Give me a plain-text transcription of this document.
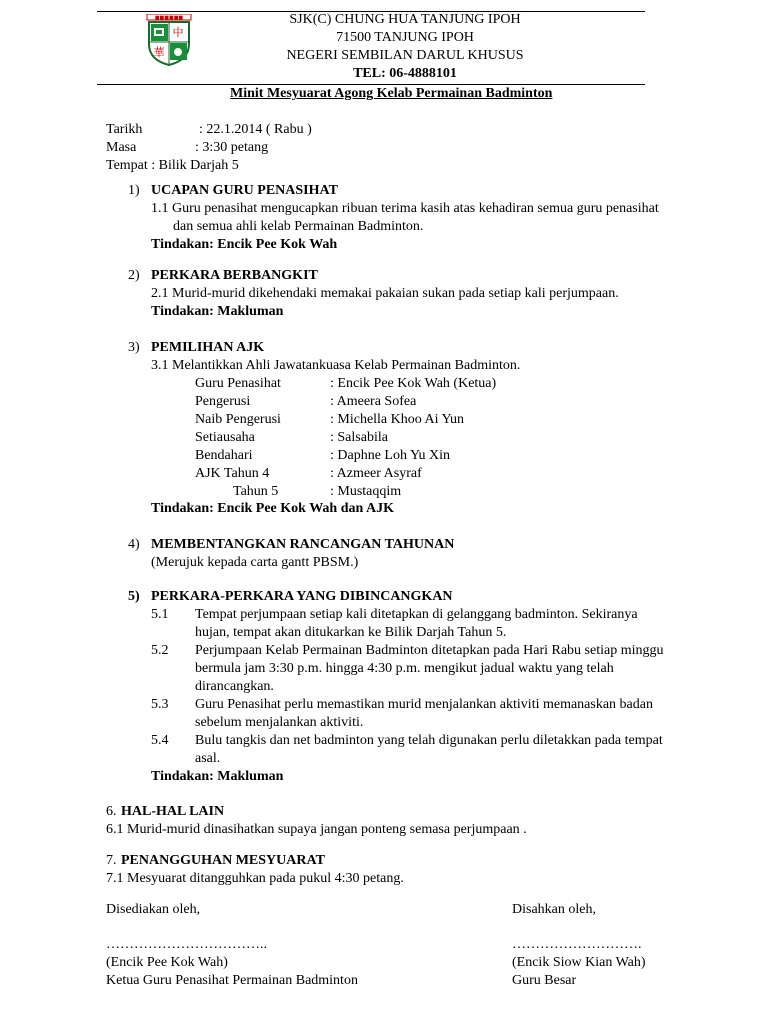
■■■■■■
中
華
SJK(C) CHUNG HUA TANJUNG IPOH
71500 TANJUNG IPOH
NEGERI SEMBILAN DARUL KHUSUS
TEL: 06-4888101
Minit Mesyuarat Agong Kelab Permainan Badminton
Tarikh	: 22.1.2014 ( Rabu )
Masa	: 3:30 petang
Tempat : Bilik Darjah 5
1) UCAPAN GURU PENASIHAT
1.1 Guru penasihat mengucapkan ribuan terima kasih atas kehadiran semua guru penasihat
dan semua ahli kelab Permainan Badminton.
Tindakan: Encik Pee Kok Wah
2) PERKARA BERBANGKIT
2.1 Murid-murid dikehendaki memakai pakaian sukan pada setiap kali perjumpaan.
Tindakan: Makluman
3) PEMILIHAN AJK
3.1 Melantikkan Ahli Jawatankuasa Kelab Permainan Badminton.
Guru Penasihat	: Encik Pee Kok Wah (Ketua)
Pengerusi	: Ameera Sofea
Naib Pengerusi	: Michella Khoo Ai Yun
Setiausaha	: Salsabila
Bendahari	: Daphne Loh Yu Xin
AJK Tahun 4	: Azmeer Asyraf
Tahun 5	: Mustaqqim
Tindakan: Encik Pee Kok Wah dan AJK
4) MEMBENTANGKAN RANCANGAN TAHUNAN
(Merujuk kepada carta gantt PBSM.)
5) PERKARA-PERKARA YANG DIBINCANGKAN
5.1 Tempat perjumpaan setiap kali ditetapkan di gelanggang badminton. Sekiranya
hujan, tempat akan ditukarkan ke Bilik Darjah Tahun 5.
5.2 Perjumpaan Kelab Permainan Badminton ditetapkan pada Hari Rabu setiap minggu
bermula jam 3:30 p.m. hingga 4:30 p.m. mengikut jadual waktu yang telah
dirancangkan.
5.3 Guru Penasihat perlu memastikan murid menjalankan aktiviti memanaskan badan
sebelum menjalankan aktiviti.
5.4 Bulu tangkis dan net badminton yang telah digunakan perlu diletakkan pada tempat
asal.
Tindakan: Makluman
6. HAL-HAL LAIN
6.1 Murid-murid dinasihatkan supaya jangan ponteng semasa perjumpaan .
7. PENANGGUHAN MESYUARAT
7.1 Mesyuarat ditangguhkan pada pukul 4:30 petang.
Disediakan oleh,	Disahkan oleh,
……………………………..	……………………….
(Encik Pee Kok Wah)	(Encik Siow Kian Wah)
Ketua Guru Penasihat Permainan Badminton	Guru Besar
